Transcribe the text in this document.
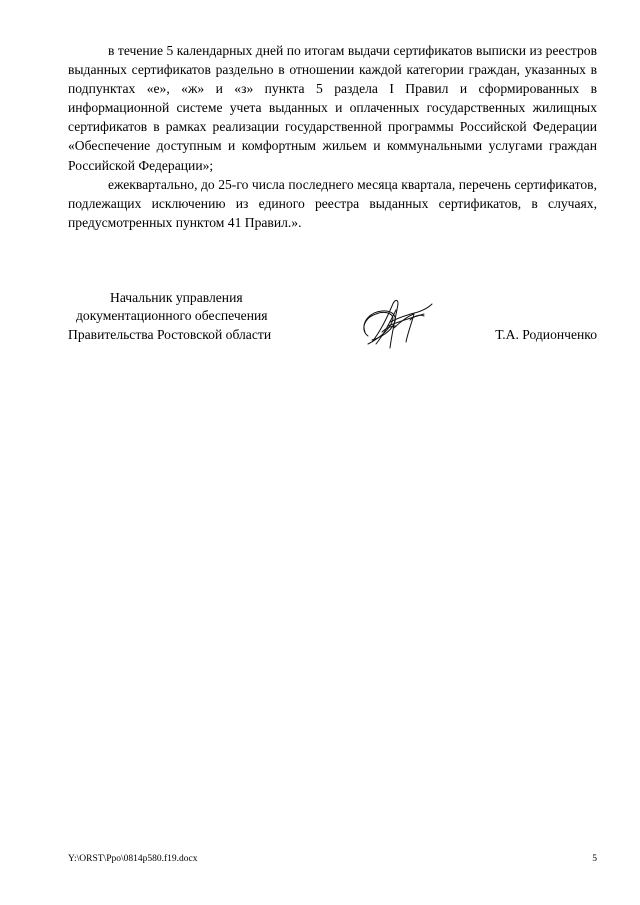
в течение 5 календарных дней по итогам выдачи сертификатов выписки из реестров выданных сертификатов раздельно в отношении каждой категории граждан, указанных в подпунктах «е», «ж» и «з» пункта 5 раздела I Правил и сформированных в информационной системе учета выданных и оплаченных государственных жилищных сертификатов в рамках реализации государственной программы Российской Федерации «Обеспечение доступным и комфортным жильем и коммунальными услугами граждан Российской Федерации»;

ежеквартально, до 25-го числа последнего месяца квартала, перечень сертификатов, подлежащих исключению из единого реестра выданных сертификатов, в случаях, предусмотренных пунктом 41 Правил.».

Начальник управления
документационного обеспечения
Правительства Ростовской области	Т.А. Родионченко
Y:\ORST\Ppo\0814p580.f19.docx	5
